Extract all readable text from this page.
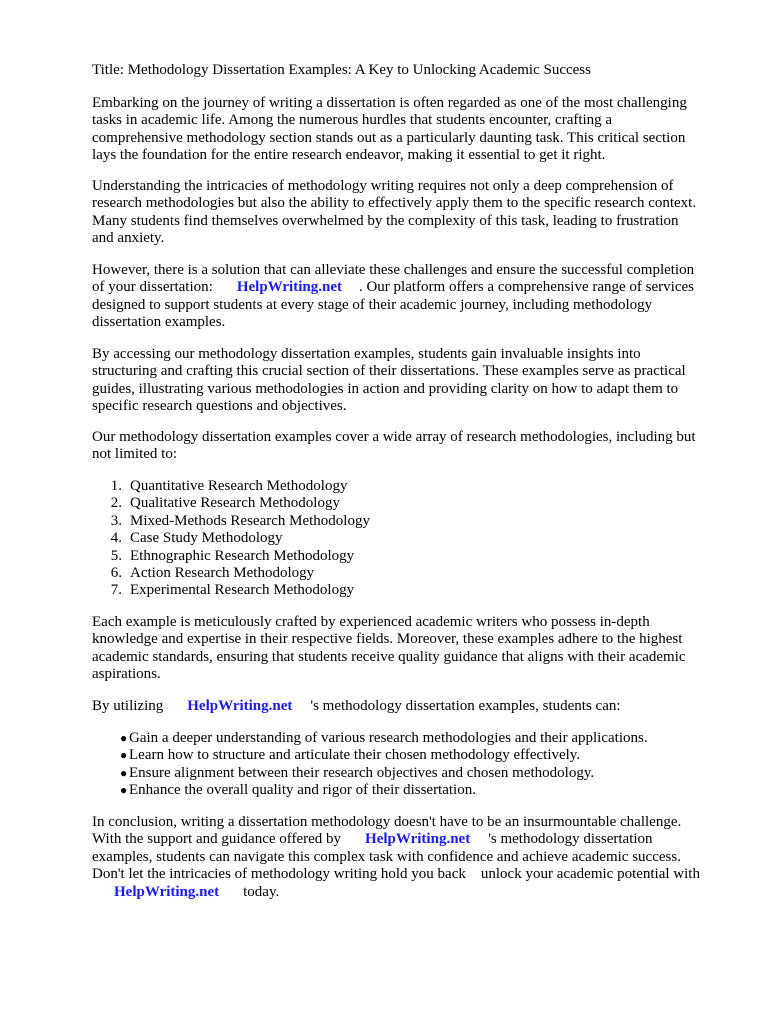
Title: Methodology Dissertation Examples: A Key to Unlocking Academic Success
Embarking on the journey of writing a dissertation is often regarded as one of the most challenging
tasks in academic life. Among the numerous hurdles that students encounter, crafting a
comprehensive methodology section stands out as a particularly daunting task. This critical section
lays the foundation for the entire research endeavor, making it essential to get it right.
Understanding the intricacies of methodology writing requires not only a deep comprehension of
research methodologies but also the ability to effectively apply them to the specific research context.
Many students find themselves overwhelmed by the complexity of this task, leading to frustration
and anxiety.
However, there is a solution that can alleviate these challenges and ensure the successful completion
of your dissertation: HelpWriting.net . Our platform offers a comprehensive range of services
designed to support students at every stage of their academic journey, including methodology
dissertation examples.
By accessing our methodology dissertation examples, students gain invaluable insights into
structuring and crafting this crucial section of their dissertations. These examples serve as practical
guides, illustrating various methodologies in action and providing clarity on how to adapt them to
specific research questions and objectives.
Our methodology dissertation examples cover a wide array of research methodologies, including but
not limited to:
1. Quantitative Research Methodology
2. Qualitative Research Methodology
3. Mixed-Methods Research Methodology
4. Case Study Methodology
5. Ethnographic Research Methodology
6. Action Research Methodology
7. Experimental Research Methodology
Each example is meticulously crafted by experienced academic writers who possess in-depth
knowledge and expertise in their respective fields. Moreover, these examples adhere to the highest
academic standards, ensuring that students receive quality guidance that aligns with their academic
aspirations.
By utilizing HelpWriting.net 's methodology dissertation examples, students can:
● Gain a deeper understanding of various research methodologies and their applications.
● Learn how to structure and articulate their chosen methodology effectively.
● Ensure alignment between their research objectives and chosen methodology.
● Enhance the overall quality and rigor of their dissertation.
In conclusion, writing a dissertation methodology doesn't have to be an insurmountable challenge.
With the support and guidance offered by HelpWriting.net 's methodology dissertation
examples, students can navigate this complex task with confidence and achieve academic success.
Don't let the intricacies of methodology writing hold you back    unlock your academic potential with
HelpWriting.net today.
